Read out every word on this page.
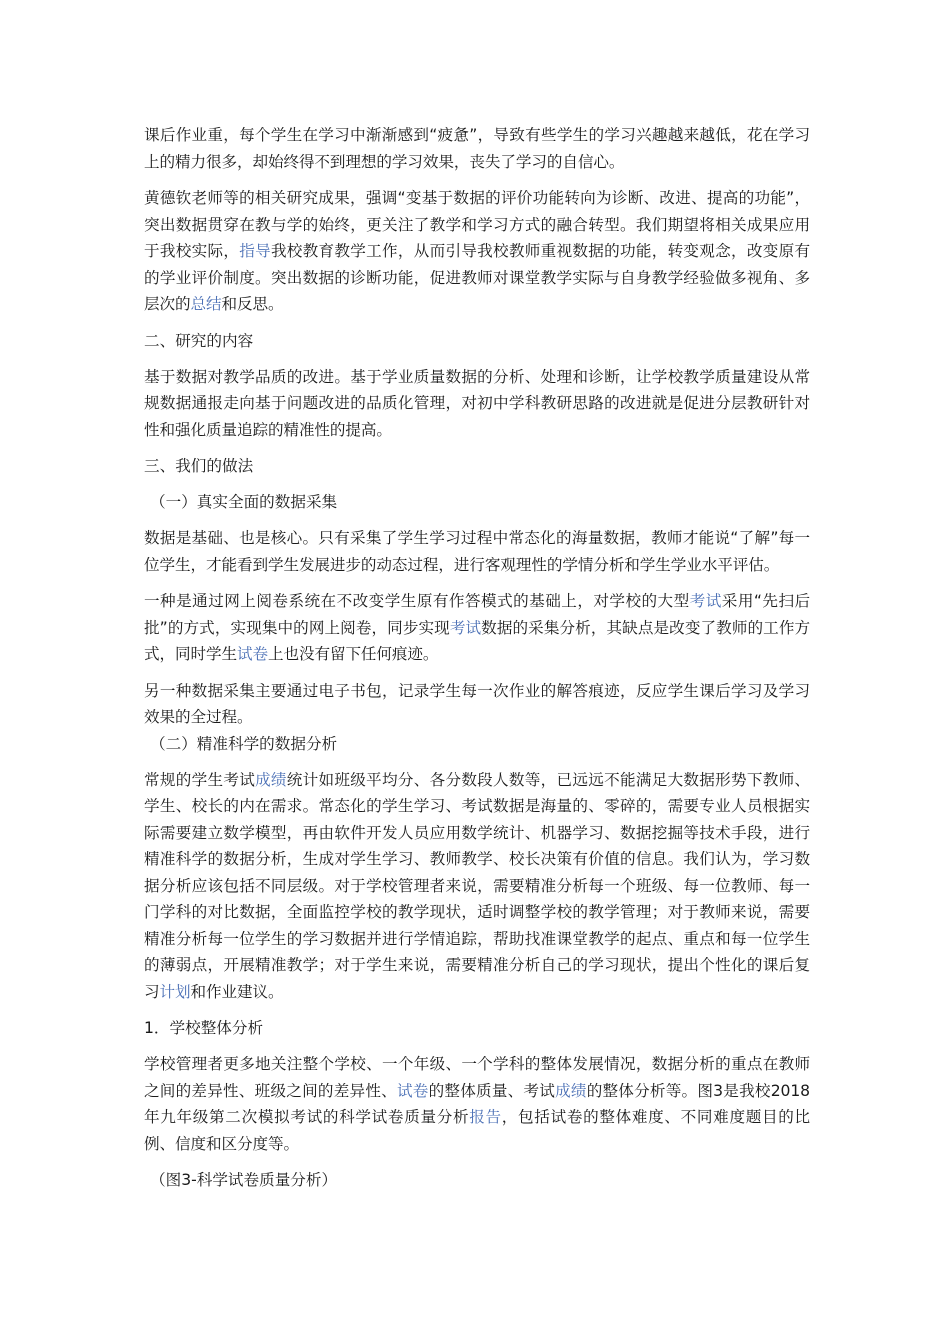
课后作业重，每个学生在学习中渐渐感到“疲惫”，导致有些学生的学习兴趣越来越低，花在学习上的精力很多，却始终得不到理想的学习效果，丧失了学习的自信心。

黄德钦老师等的相关研究成果，强调“变基于数据的评价功能转向为诊断、改进、提高的功能”，突出数据贯穿在教与学的始终，更关注了教学和学习方式的融合转型。我们期望将相关成果应用于我校实际，指导我校教育教学工作，从而引导我校教师重视数据的功能，转变观念，改变原有的学业评价制度。突出数据的诊断功能，促进教师对课堂教学实际与自身教学经验做多视角、多层次的总结和反思。

二、研究的内容

基于数据对教学品质的改进。基于学业质量数据的分析、处理和诊断，让学校教学质量建设从常规数据通报走向基于问题改进的品质化管理，对初中学科教研思路的改进就是促进分层教研针对性和强化质量追踪的精准性的提高。

三、我们的做法

（一）真实全面的数据采集

数据是基础、也是核心。只有采集了学生学习过程中常态化的海量数据，教师才能说“了解”每一位学生，才能看到学生发展进步的动态过程，进行客观理性的学情分析和学生学业水平评估。

一种是通过网上阅卷系统在不改变学生原有作答模式的基础上，对学校的大型考试采用“先扫后批”的方式，实现集中的网上阅卷，同步实现考试数据的采集分析，其缺点是改变了教师的工作方式，同时学生试卷上也没有留下任何痕迹。

另一种数据采集主要通过电子书包，记录学生每一次作业的解答痕迹，反应学生课后学习及学习效果的全过程。

（二）精准科学的数据分析

常规的学生考试成绩统计如班级平均分、各分数段人数等，已远远不能满足大数据形势下教师、学生、校长的内在需求。常态化的学生学习、考试数据是海量的、零碎的，需要专业人员根据实际需要建立数学模型，再由软件开发人员应用数学统计、机器学习、数据挖掘等技术手段，进行精准科学的数据分析，生成对学生学习、教师教学、校长决策有价值的信息。我们认为，学习数据分析应该包括不同层级。对于学校管理者来说，需要精准分析每一个班级、每一位教师、每一门学科的对比数据，全面监控学校的教学现状，适时调整学校的教学管理；对于教师来说，需要精准分析每一位学生的学习数据并进行学情追踪，帮助找准课堂教学的起点、重点和每一位学生的薄弱点，开展精准教学；对于学生来说，需要精准分析自己的学习现状，提出个性化的课后复习计划和作业建议。

1．学校整体分析

学校管理者更多地关注整个学校、一个年级、一个学科的整体发展情况，数据分析的重点在教师之间的差异性、班级之间的差异性、试卷的整体质量、考试成绩的整体分析等。图3是我校2018年九年级第二次模拟考试的科学试卷质量分析报告，包括试卷的整体难度、不同难度题目的比例、信度和区分度等。

（图3-科学试卷质量分析）
